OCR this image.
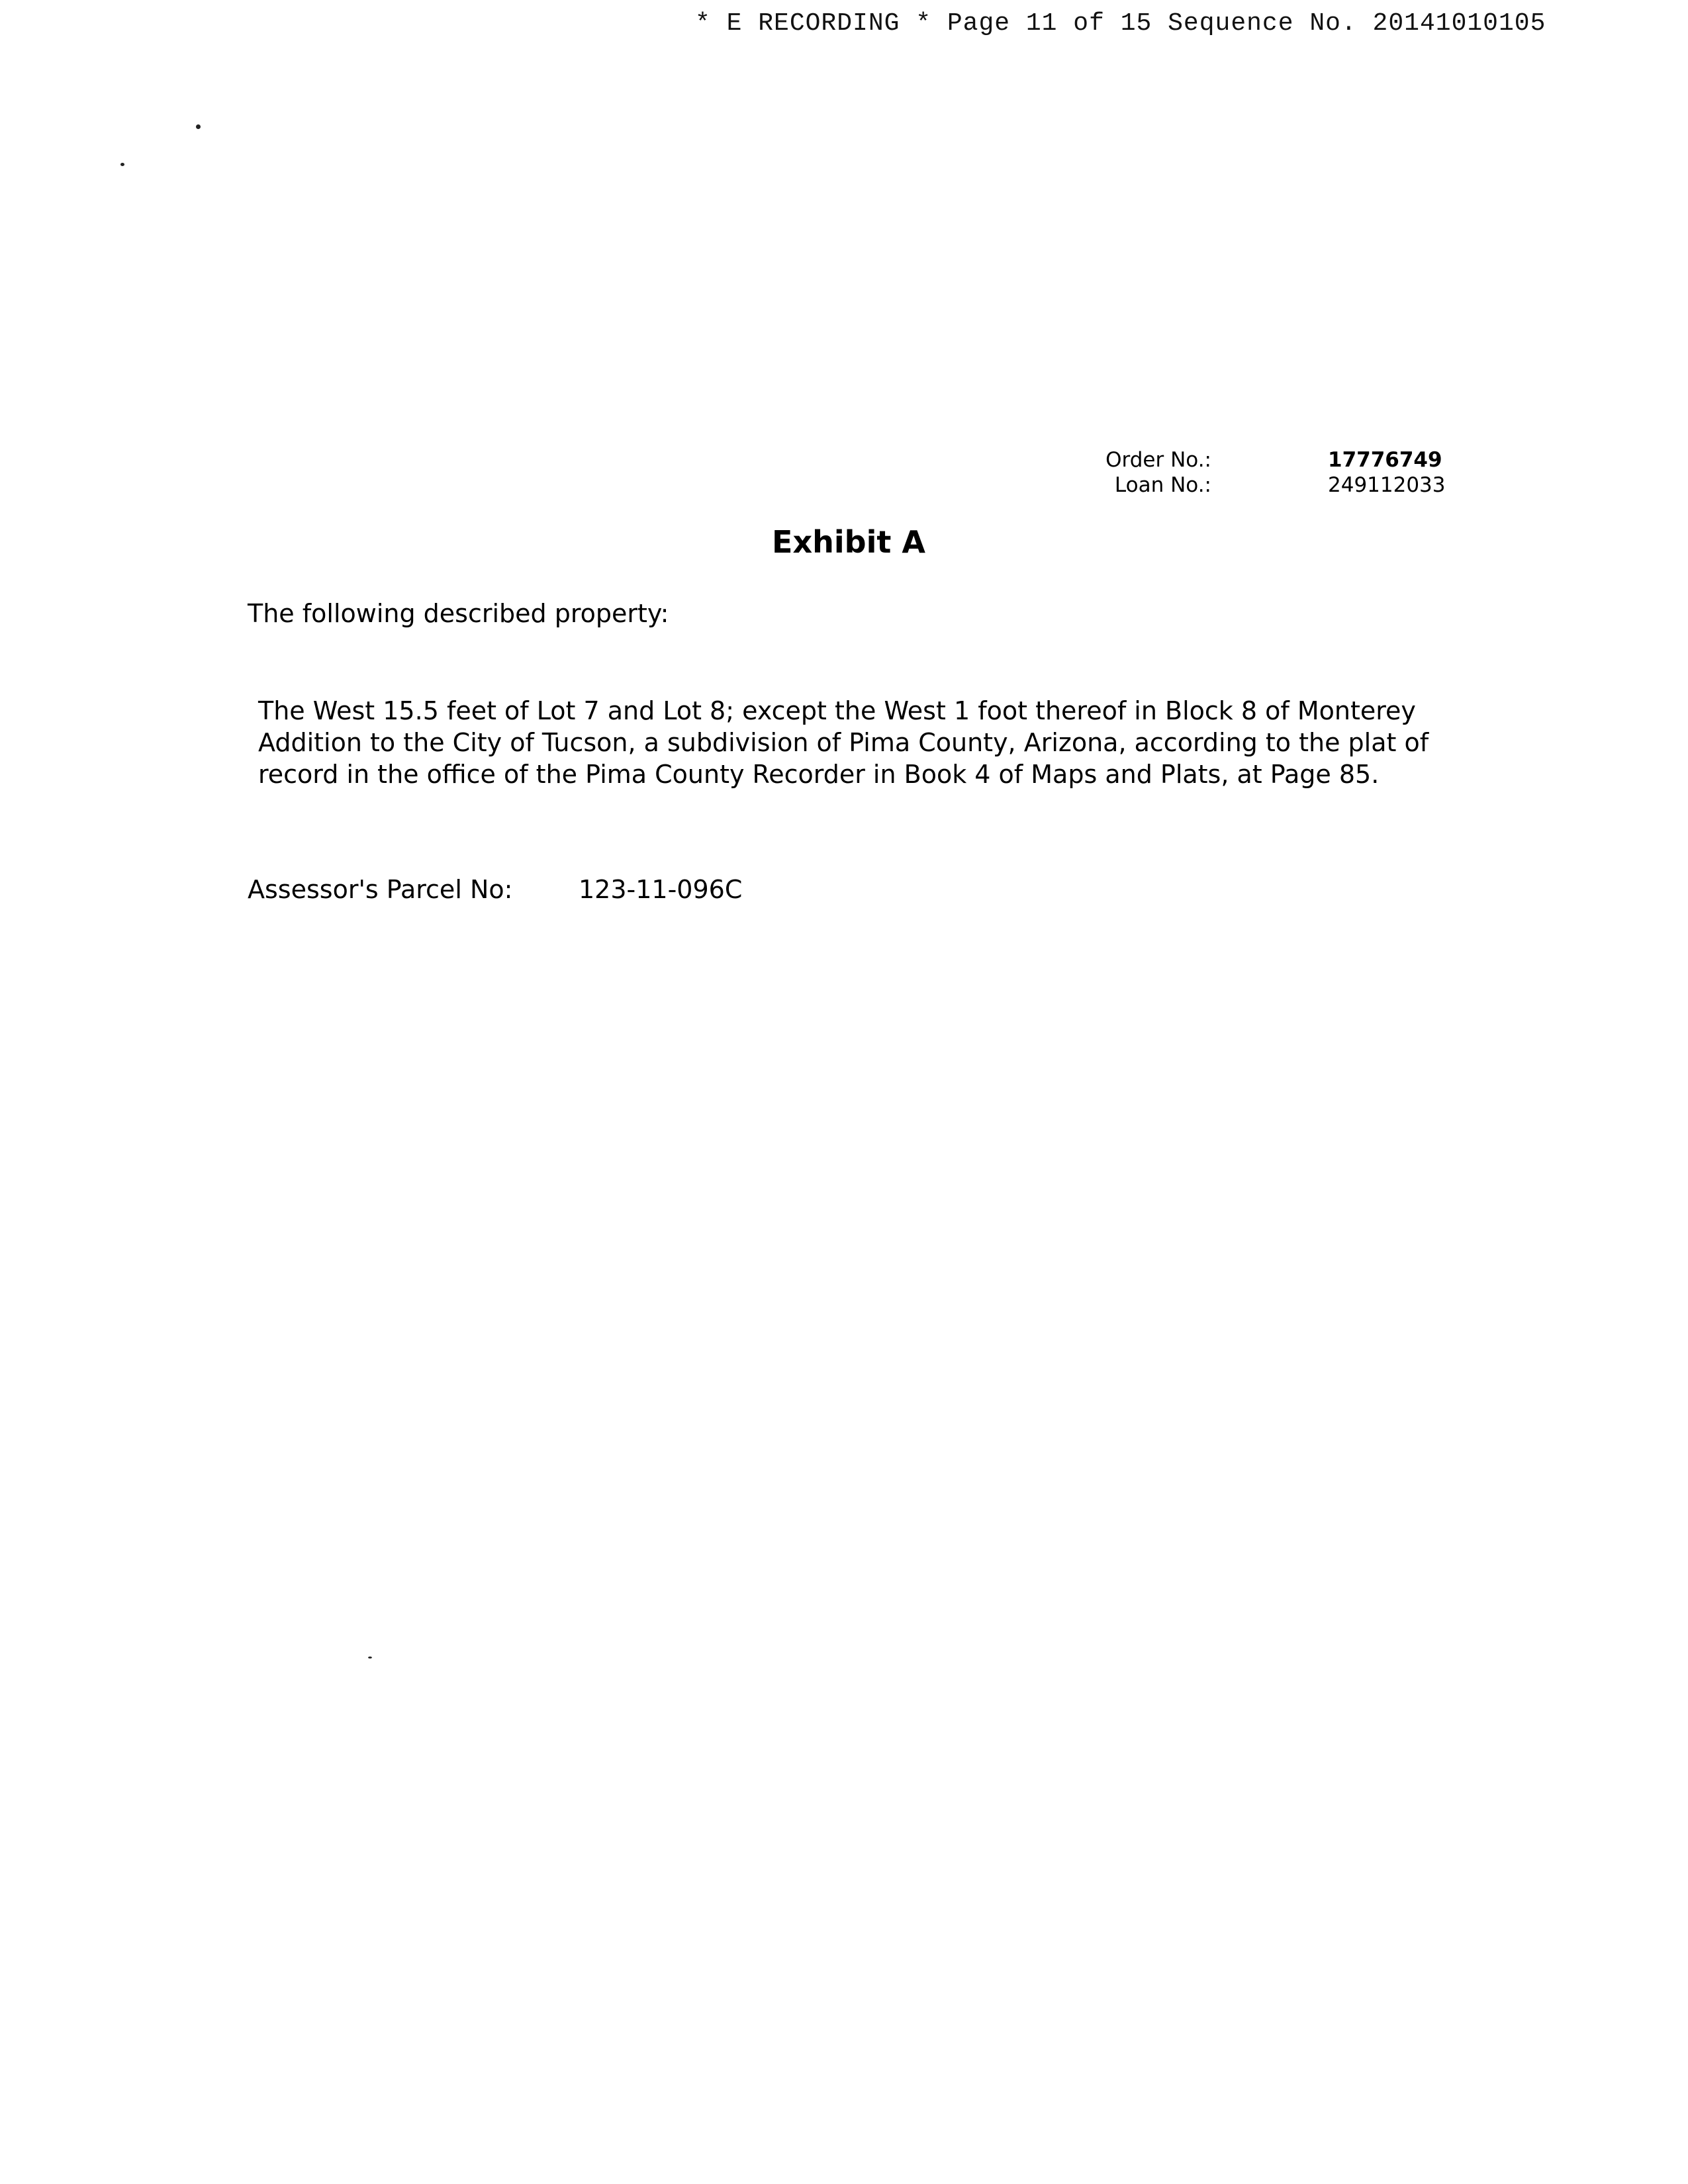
* E RECORDING * Page 11 of 15 Sequence No. 20141010105
Order No.:	17776749
Loan No.:	249112033
Exhibit A
The following described property:
The West 15.5 feet of Lot 7 and Lot 8; except the West 1 foot thereof in Block 8 of Monterey Addition to the City of Tucson, a subdivision of Pima County, Arizona, according to the plat of record in the office of the Pima County Recorder in Book 4 of Maps and Plats, at Page 85.
Assessor's Parcel No:	123-11-096C
